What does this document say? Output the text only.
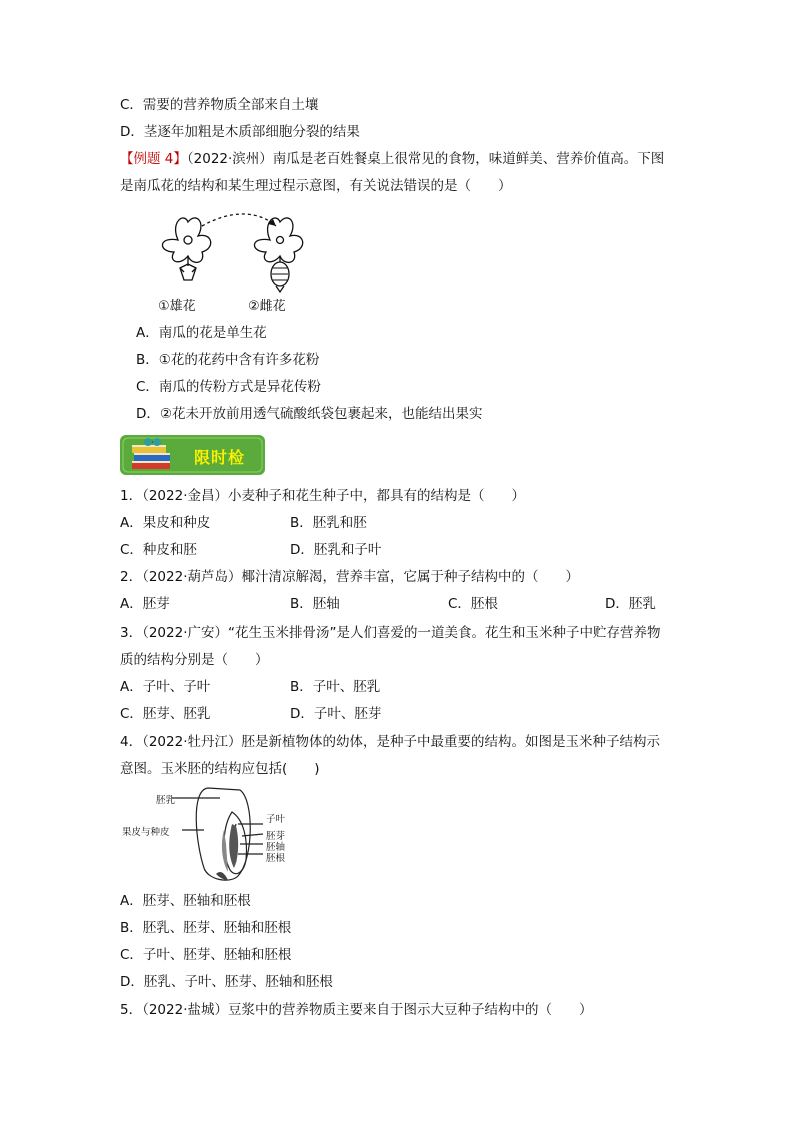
C．需要的营养物质全部来自土壤
D．茎逐年加粗是木质部细胞分裂的结果
【例题 4】（2022·滨州）南瓜是老百姓餐桌上很常见的食物，味道鲜美、营养价值高。下图
是南瓜花的结构和某生理过程示意图，有关说法错误的是（　　）
①雄花	②雌花
A．南瓜的花是单生花
B．①花的花药中含有许多花粉
C．南瓜的传粉方式是异花传粉
D．②花未开放前用透气硫酸纸袋包裹起来，也能结出果实
限时检
1．（2022·金昌）小麦种子和花生种子中，都具有的结构是（　　）
A．果皮和种皮	B．胚乳和胚
C．种皮和胚	D．胚乳和子叶
2．（2022·葫芦岛）椰汁清凉解渴，营养丰富，它属于种子结构中的（　　）
A．胚芽	B．胚轴	C．胚根	D．胚乳
3．（2022·广安）“花生玉米排骨汤”是人们喜爱的一道美食。花生和玉米种子中贮存营养物
质的结构分别是（　　）
A．子叶、子叶	B．子叶、胚乳
C．胚芽、胚乳	D．子叶、胚芽
4．（2022·牡丹江）胚是新植物体的幼体，是种子中最重要的结构。如图是玉米种子结构示
意图。玉米胚的结构应包括(　　)
胚乳
果皮与种皮
子叶
胚芽
胚轴
胚根
A．胚芽、胚轴和胚根
B．胚乳、胚芽、胚轴和胚根
C．子叶、胚芽、胚轴和胚根
D．胚乳、子叶、胚芽、胚轴和胚根
5．（2022·盐城）豆浆中的营养物质主要来自于图示大豆种子结构中的（　　）
